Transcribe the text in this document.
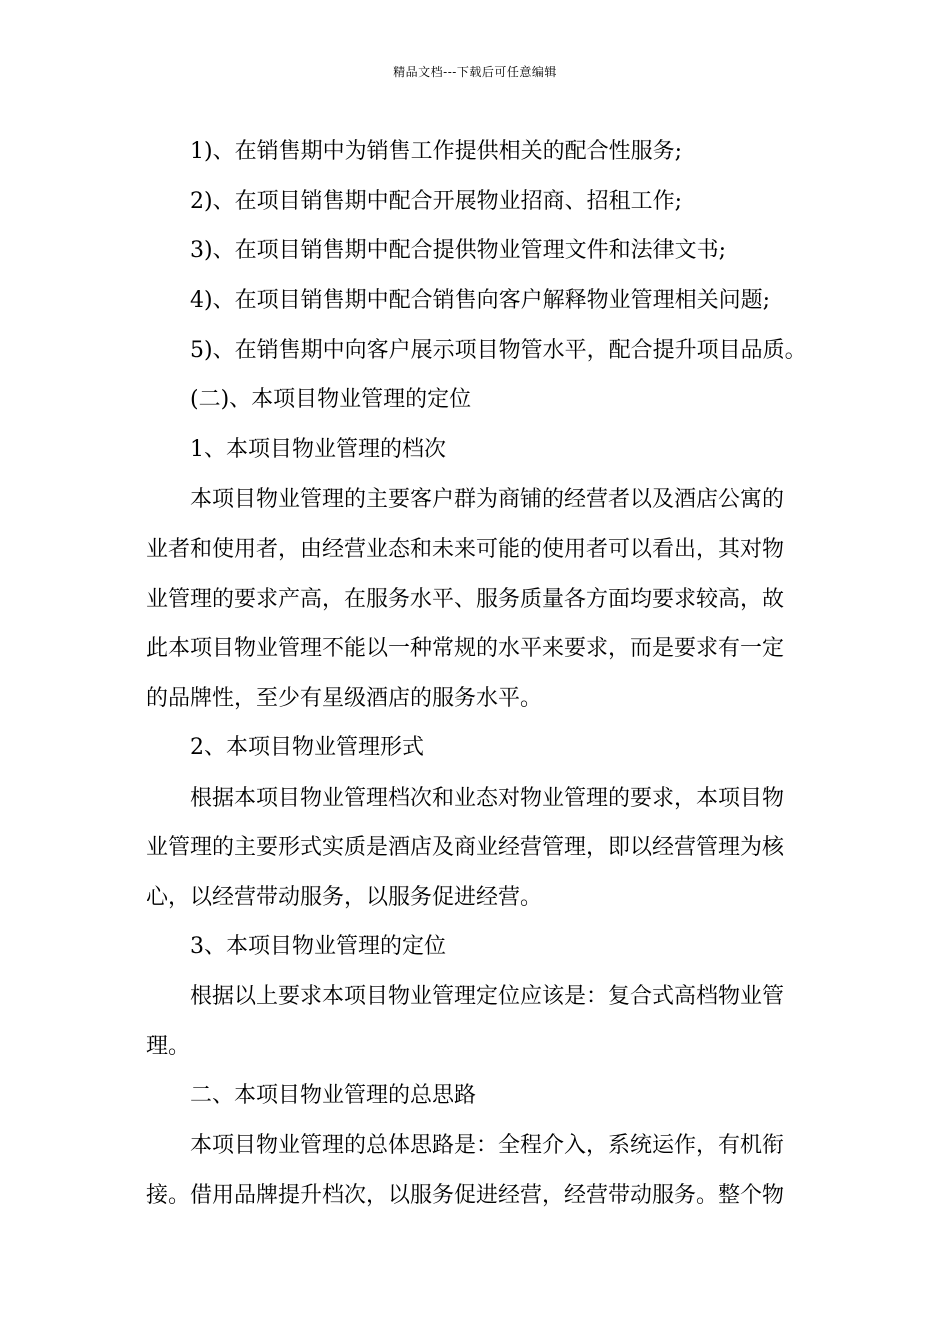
精品文档---下载后可任意编辑
1)、在销售期中为销售工作提供相关的配合性服务;
2)、在项目销售期中配合开展物业招商、招租工作;
3)、在项目销售期中配合提供物业管理文件和法律文书;
4)、在项目销售期中配合销售向客户解释物业管理相关问题;
5)、在销售期中向客户展示项目物管水平，配合提升项目品质。
(二)、本项目物业管理的定位
1、本项目物业管理的档次
本项目物业管理的主要客户群为商铺的经营者以及酒店公寓的
业者和使用者，由经营业态和未来可能的使用者可以看出，其对物
业管理的要求产高，在服务水平、服务质量各方面均要求较高，故
此本项目物业管理不能以一种常规的水平来要求，而是要求有一定
的品牌性，至少有星级酒店的服务水平。
2、本项目物业管理形式
根据本项目物业管理档次和业态对物业管理的要求，本项目物
业管理的主要形式实质是酒店及商业经营管理，即以经营管理为核
心，以经营带动服务，以服务促进经营。
3、本项目物业管理的定位
根据以上要求本项目物业管理定位应该是：复合式高档物业管
理。
二、本项目物业管理的总思路
本项目物业管理的总体思路是：全程介入，系统运作，有机衔
接。借用品牌提升档次，以服务促进经营，经营带动服务。整个物
